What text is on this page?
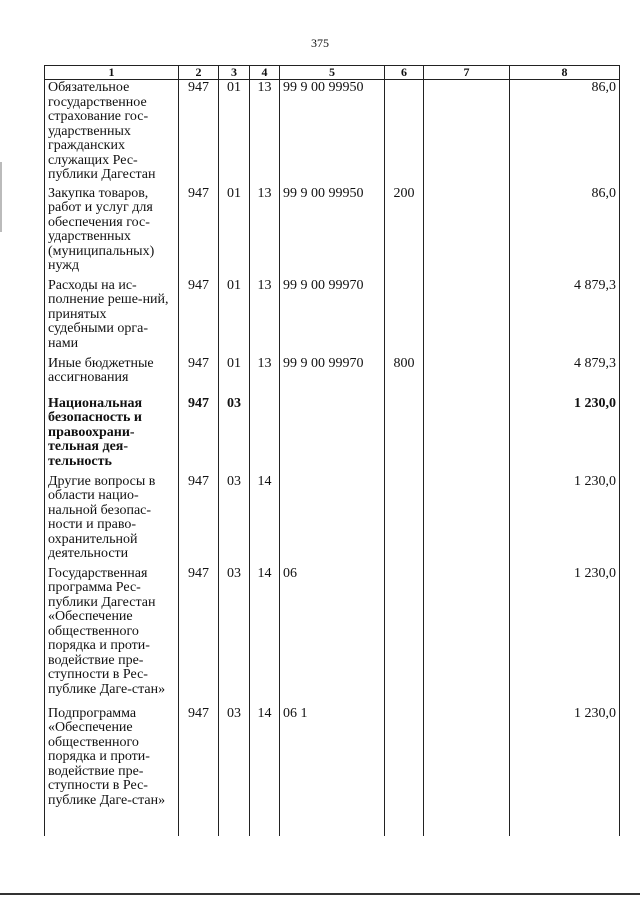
375
1	2	3	4	5	6	7	8
Обязательное государственное страхование гос-ударственных гражданских служащих Рес-публики Дагестан	947	01	13	99 9 00 99950			86,0
Закупка товаров, работ и услуг для обеспечения гос-ударственных (муниципальных) нужд	947	01	13	99 9 00 99950	200		86,0
Расходы на ис-полнение реше-ний, принятых судебными орга-нами	947	01	13	99 9 00 99970			4 879,3
Иные бюджетные ассигнования	947	01	13	99 9 00 99970	800		4 879,3
Национальная безопасность и правоохрани-тельная дея-тельность	947	03					1 230,0
Другие вопросы в области нацио-нальной безопас-ности и право-охранительной деятельности	947	03	14				1 230,0
Государственная программа Рес-публики Дагестан «Обеспечение общественного порядка и проти-водействие пре-ступности в Рес-публике Даге-стан»	947	03	14	06			1 230,0
Подпрограмма «Обеспечение общественного порядка и проти-водействие пре-ступности в Рес-публике Даге-стан»	947	03	14	06 1			1 230,0
